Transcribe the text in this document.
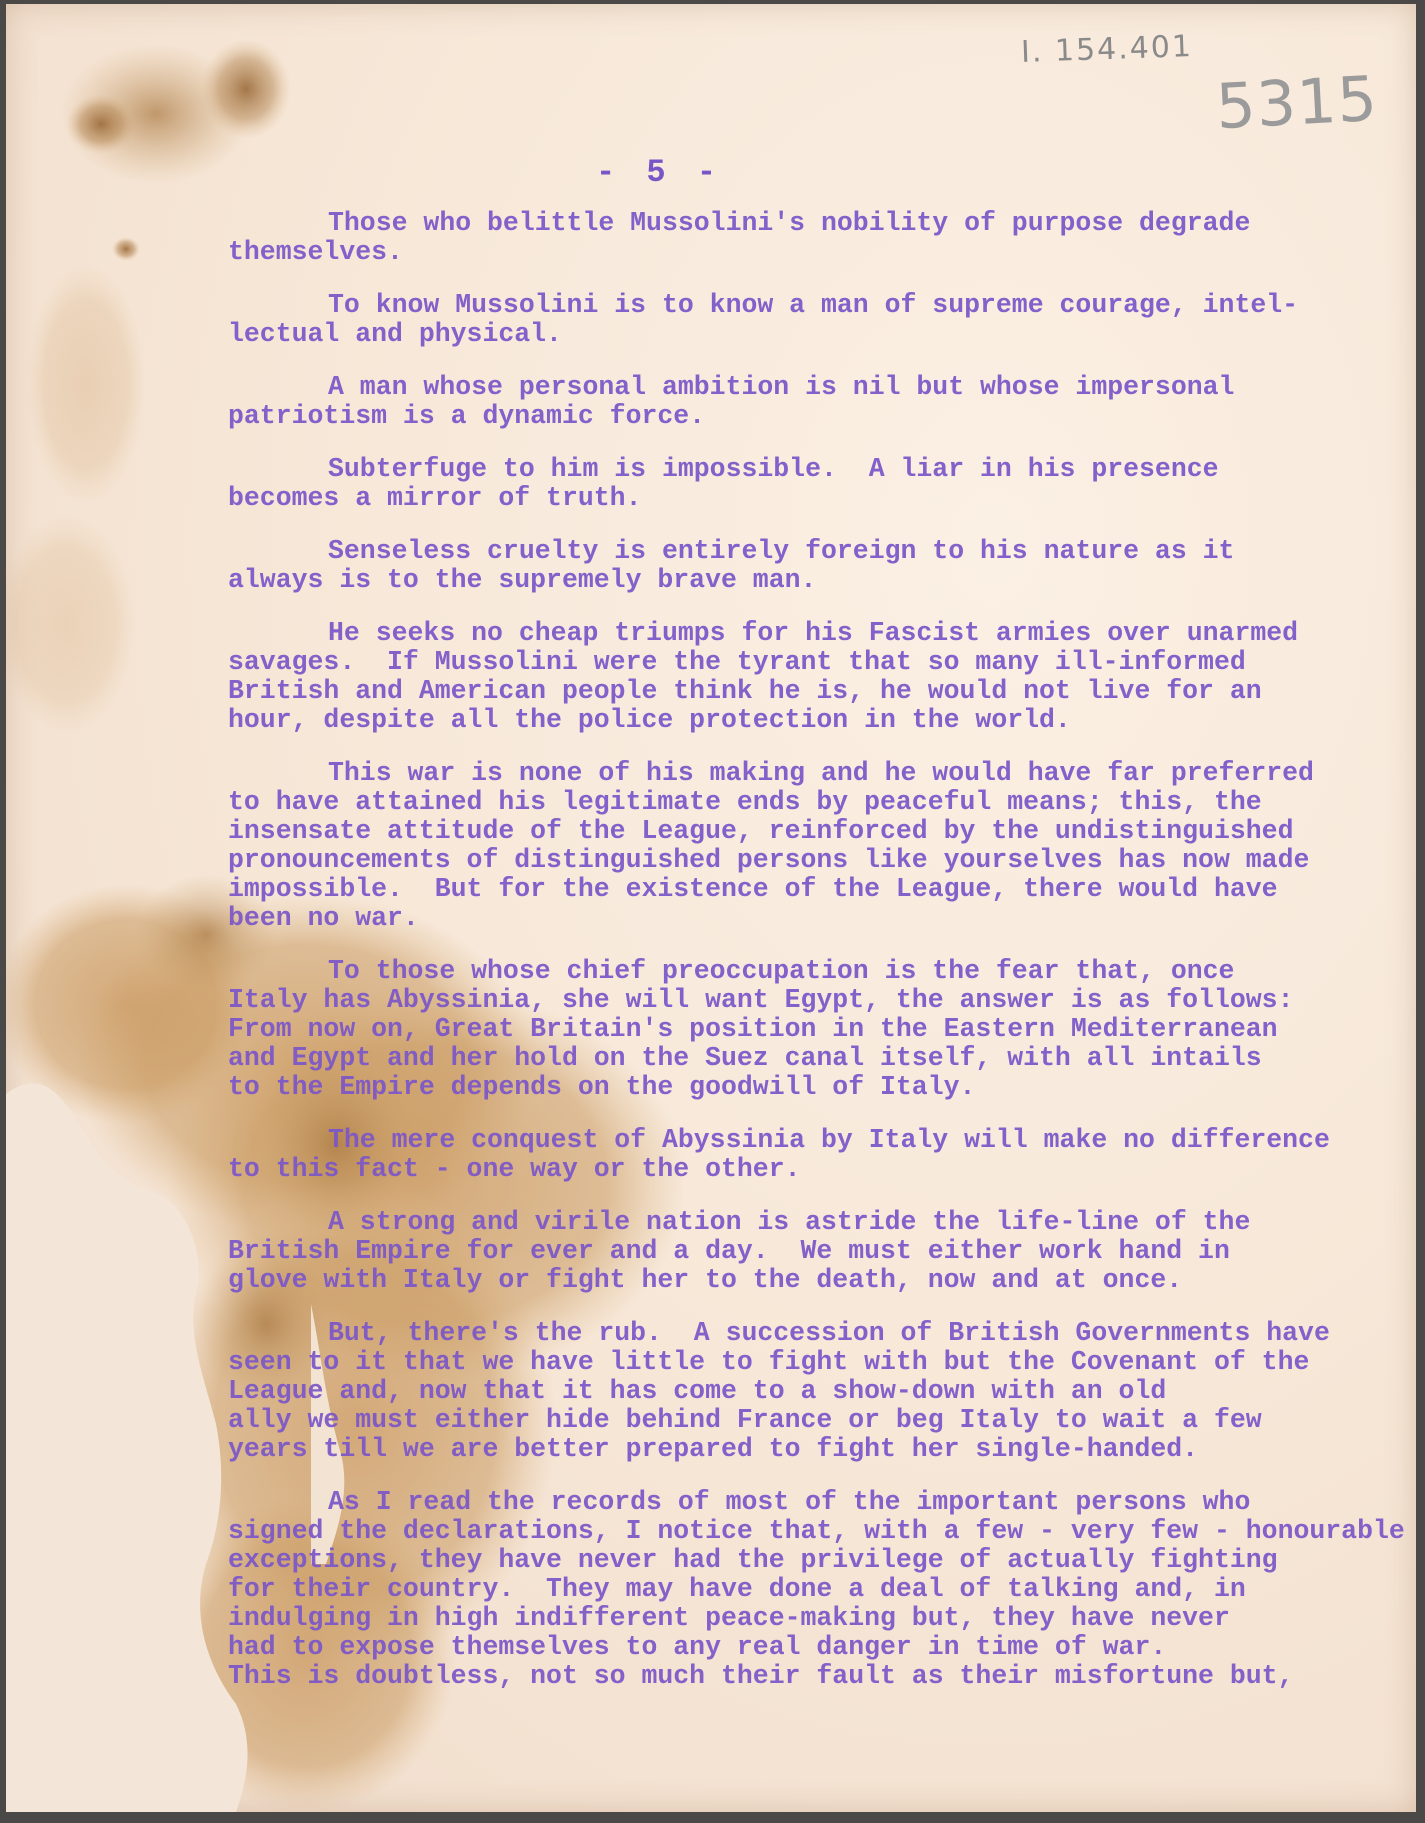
I. 154.401
5315
- 5 -
Those who belittle Mussolini's nobility of purpose degrade
themselves.
To know Mussolini is to know a man of supreme courage, intel-
lectual and physical.
A man whose personal ambition is nil but whose impersonal
patriotism is a dynamic force.
Subterfuge to him is impossible.  A liar in his presence
becomes a mirror of truth.
Senseless cruelty is entirely foreign to his nature as it
always is to the supremely brave man.
He seeks no cheap triumps for his Fascist armies over unarmed
savages.  If Mussolini were the tyrant that so many ill-informed
British and American people think he is, he would not live for an
hour, despite all the police protection in the world.
This war is none of his making and he would have far preferred
to have attained his legitimate ends by peaceful means; this, the
insensate attitude of the League, reinforced by the undistinguished
pronouncements of distinguished persons like yourselves has now made
impossible.  But for the existence of the League, there would have
been no war.
To those whose chief preoccupation is the fear that, once
Italy has Abyssinia, she will want Egypt, the answer is as follows:
From now on, Great Britain's position in the Eastern Mediterranean
and Egypt and her hold on the Suez canal itself, with all intails
to the Empire depends on the goodwill of Italy.
The mere conquest of Abyssinia by Italy will make no difference
to this fact - one way or the other.
A strong and virile nation is astride the life-line of the
British Empire for ever and a day.  We must either work hand in
glove with Italy or fight her to the death, now and at once.
But, there's the rub.  A succession of British Governments have
seen to it that we have little to fight with but the Covenant of the
League and, now that it has come to a show-down with an old
ally we must either hide behind France or beg Italy to wait a few
years till we are better prepared to fight her single-handed.
As I read the records of most of the important persons who
signed the declarations, I notice that, with a few - very few - honourable
exceptions, they have never had the privilege of actually fighting
for their country.  They may have done a deal of talking and, in
indulging in high indifferent peace-making but, they have never
had to expose themselves to any real danger in time of war.
This is doubtless, not so much their fault as their misfortune but,
